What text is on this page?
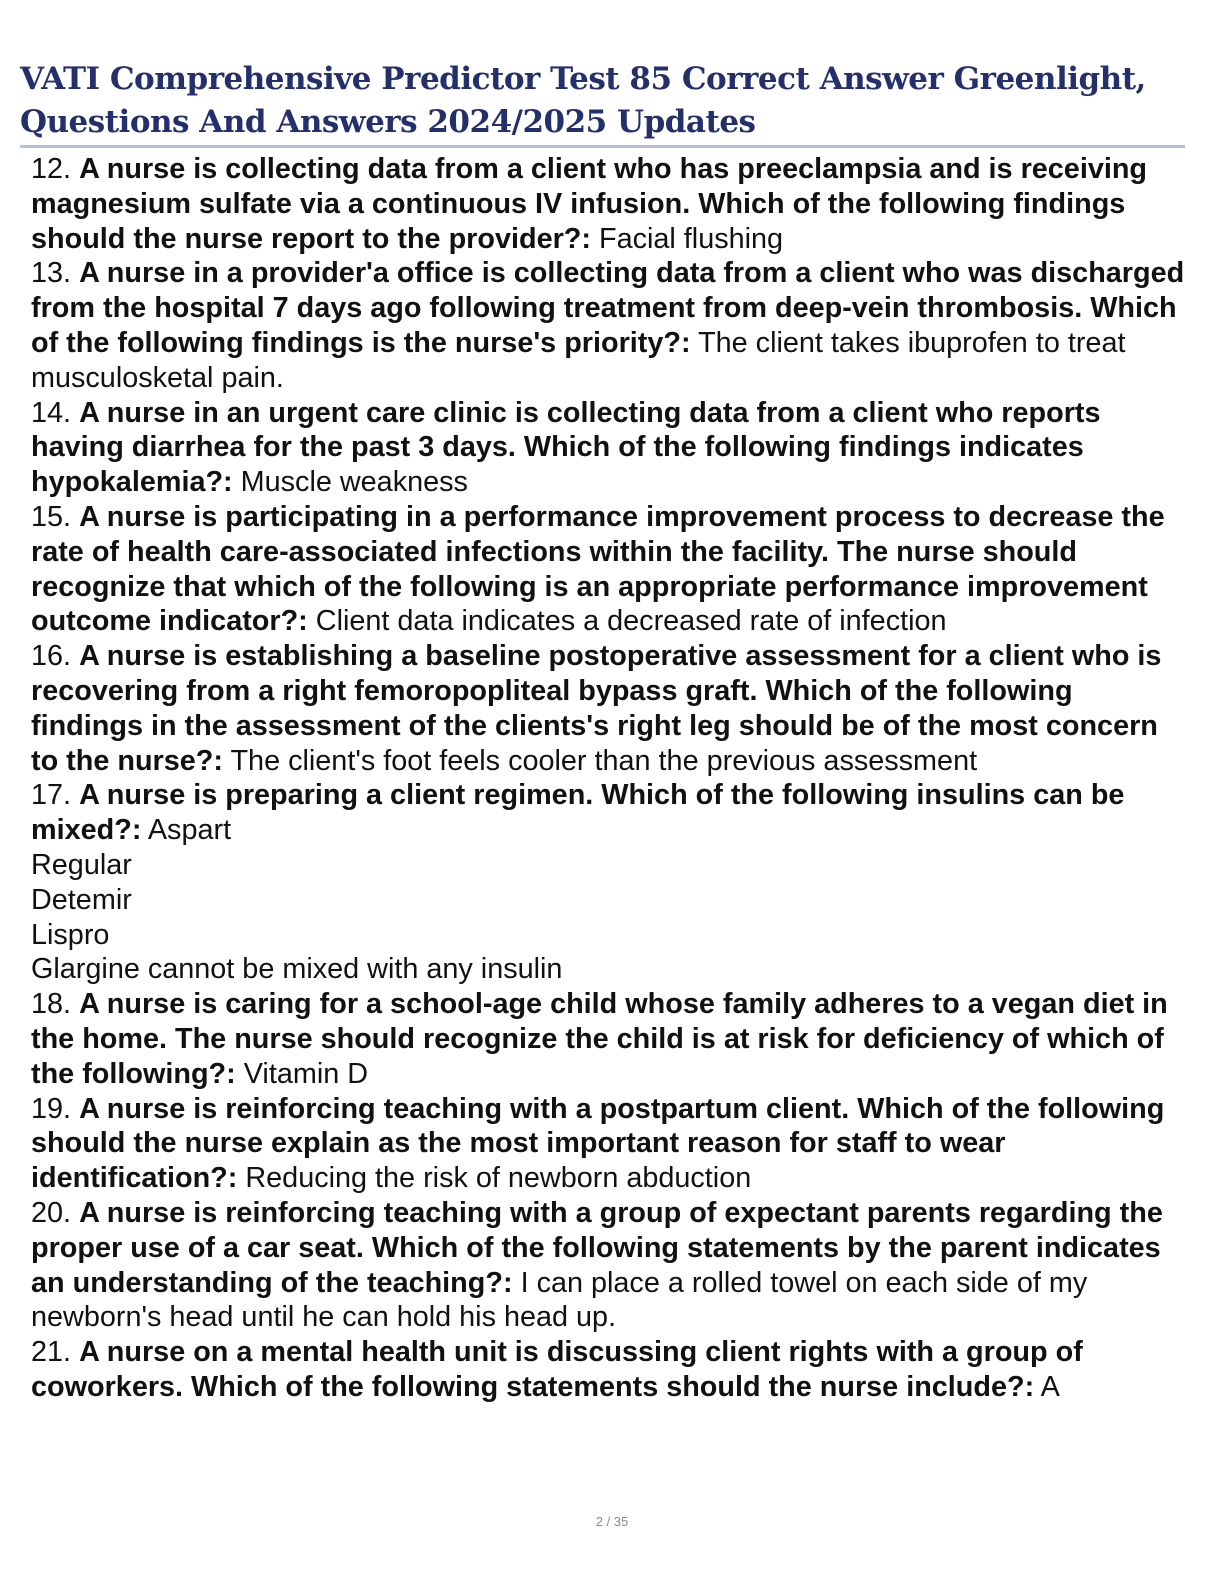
VATI Comprehensive Predictor Test 85 Correct Answer Greenlight,
Questions And Answers 2024/2025 Updates
12. A nurse is collecting data from a client who has preeclampsia and is receiving magnesium sulfate via a continuous IV infusion. Which of the following findings should the nurse report to the provider?: Facial flushing
13. A nurse in a provider'a office is collecting data from a client who was discharged from the hospital 7 days ago following treatment from deep-vein thrombosis. Which of the following findings is the nurse's priority?: The client takes ibuprofen to treat musculosketal pain.
14. A nurse in an urgent care clinic is collecting data from a client who reports having diarrhea for the past 3 days. Which of the following findings indicates hypokalemia?: Muscle weakness
15. A nurse is participating in a performance improvement process to decrease the rate of health care-associated infections within the facility. The nurse should recognize that which of the following is an appropriate performance improvement outcome indicator?: Client data indicates a decreased rate of infection
16. A nurse is establishing a baseline postoperative assessment for a client who is recovering from a right femoropopliteal bypass graft. Which of the following findings in the assessment of the clients's right leg should be of the most concern to the nurse?: The client's foot feels cooler than the previous assessment
17. A nurse is preparing a client regimen. Which of the following insulins can be mixed?: Aspart
Regular
Detemir
Lispro
Glargine cannot be mixed with any insulin
18. A nurse is caring for a school-age child whose family adheres to a vegan diet in the home. The nurse should recognize the child is at risk for deficiency of which of the following?: Vitamin D
19. A nurse is reinforcing teaching with a postpartum client. Which of the following should the nurse explain as the most important reason for staff to wear identification?: Reducing the risk of newborn abduction
20. A nurse is reinforcing teaching with a group of expectant parents regarding the proper use of a car seat. Which of the following statements by the parent indicates an understanding of the teaching?: I can place a rolled towel on each side of my newborn's head until he can hold his head up.
21. A nurse on a mental health unit is discussing client rights with a group of coworkers. Which of the following statements should the nurse include?: A
2 / 35
